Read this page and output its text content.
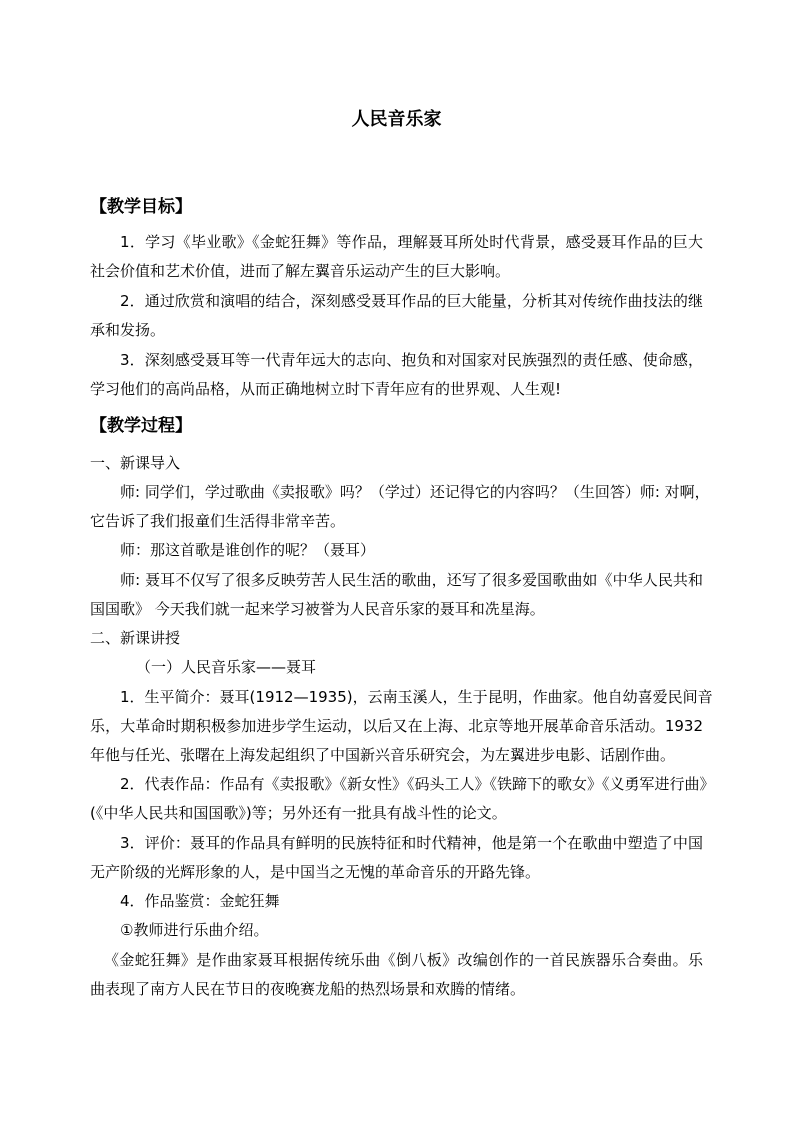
人民音乐家
【教学目标】
1．学习《毕业歌》《金蛇狂舞》等作品，理解聂耳所处时代背景，感受聂耳作品的巨大
社会价值和艺术价值，进而了解左翼音乐运动产生的巨大影响。
2．通过欣赏和演唱的结合，深刻感受聂耳作品的巨大能量，分析其对传统作曲技法的继
承和发扬。
3．深刻感受聂耳等一代青年远大的志向、抱负和对国家对民族强烈的责任感、使命感，
学习他们的高尚品格，从而正确地树立时下青年应有的世界观、人生观!
【教学过程】
一、新课导入
师: 同学们，学过歌曲《卖报歌》吗？（学过）还记得它的内容吗？（生回答）师: 对啊，
它告诉了我们报童们生活得非常辛苦。
师：那这首歌是谁创作的呢？（聂耳）
师: 聂耳不仅写了很多反映劳苦人民生活的歌曲，还写了很多爱国歌曲如《中华人民共和
国国歌》 今天我们就一起来学习被誉为人民音乐家的聂耳和冼星海。
二、新课讲授
（一）人民音乐家——聂耳
1．生平简介：聂耳(1912—1935)，云南玉溪人，生于昆明，作曲家。他自幼喜爱民间音
乐，大革命时期积极参加进步学生运动，以后又在上海、北京等地开展革命音乐活动。1932
年他与任光、张曙在上海发起组织了中国新兴音乐研究会，为左翼进步电影、话剧作曲。
2．代表作品：作品有《卖报歌》《新女性》《码头工人》《铁蹄下的歌女》《义勇军进行曲》
(《中华人民共和国国歌》)等；另外还有一批具有战斗性的论文。
3．评价：聂耳的作品具有鲜明的民族特征和时代精神，他是第一个在歌曲中塑造了中国
无产阶级的光辉形象的人，是中国当之无愧的革命音乐的开路先锋。
4．作品鉴赏：金蛇狂舞
①教师进行乐曲介绍。
《金蛇狂舞》是作曲家聂耳根据传统乐曲《倒八板》改编创作的一首民族器乐合奏曲。乐
曲表现了南方人民在节日的夜晚赛龙船的热烈场景和欢腾的情绪。
